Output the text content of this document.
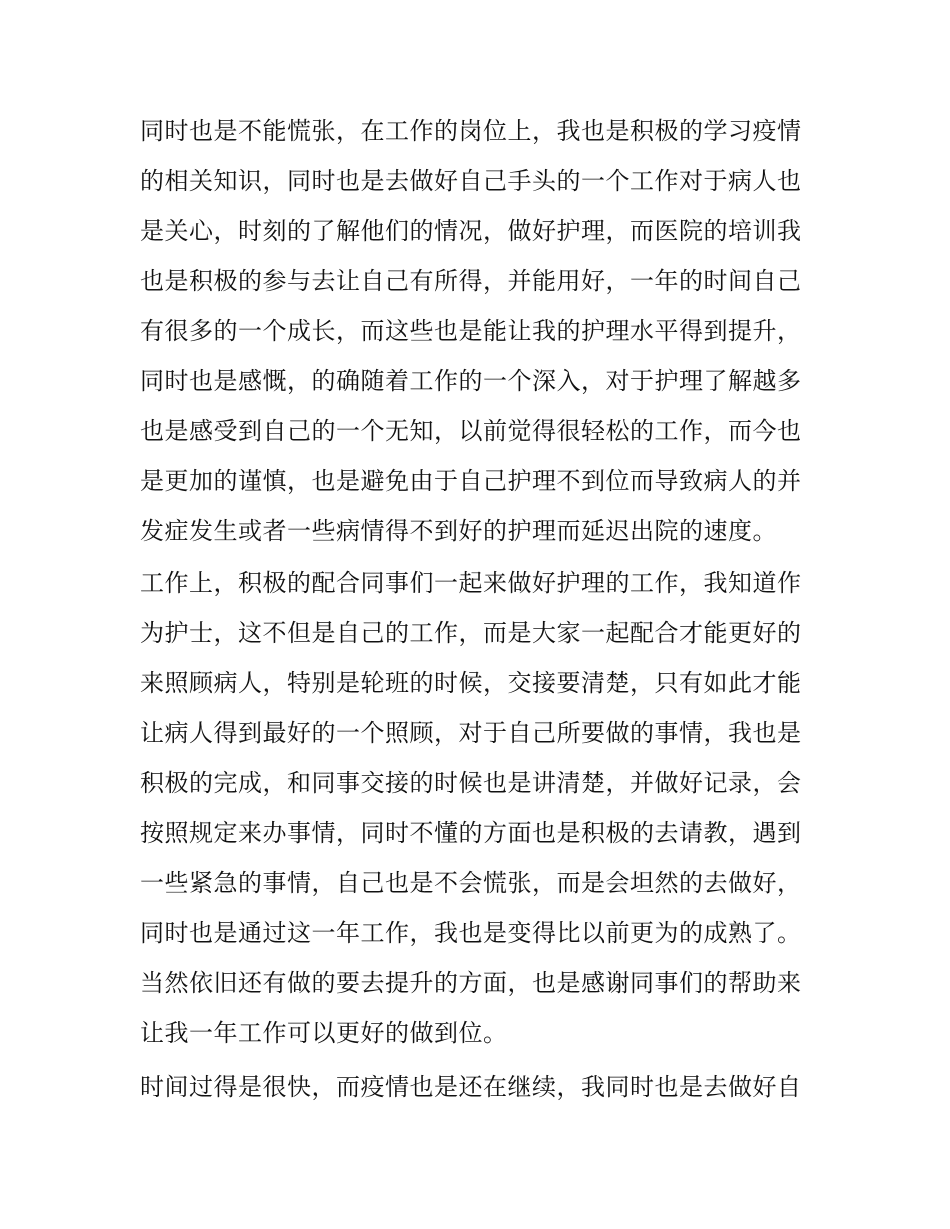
同时也是不能慌张，在工作的岗位上，我也是积极的学习疫情
的相关知识，同时也是去做好自己手头的一个工作对于病人也
是关心，时刻的了解他们的情况，做好护理，而医院的培训我
也是积极的参与去让自己有所得，并能用好，一年的时间自己
有很多的一个成长，而这些也是能让我的护理水平得到提升，
同时也是感慨，的确随着工作的一个深入，对于护理了解越多
也是感受到自己的一个无知，以前觉得很轻松的工作，而今也
是更加的谨慎，也是避免由于自己护理不到位而导致病人的并
发症发生或者一些病情得不到好的护理而延迟出院的速度。
工作上，积极的配合同事们一起来做好护理的工作，我知道作
为护士，这不但是自己的工作，而是大家一起配合才能更好的
来照顾病人，特别是轮班的时候，交接要清楚，只有如此才能
让病人得到最好的一个照顾，对于自己所要做的事情，我也是
积极的完成，和同事交接的时候也是讲清楚，并做好记录，会
按照规定来办事情，同时不懂的方面也是积极的去请教，遇到
一些紧急的事情，自己也是不会慌张，而是会坦然的去做好，
同时也是通过这一年工作，我也是变得比以前更为的成熟了。
当然依旧还有做的要去提升的方面，也是感谢同事们的帮助来
让我一年工作可以更好的做到位。
时间过得是很快，而疫情也是还在继续，我同时也是去做好自
